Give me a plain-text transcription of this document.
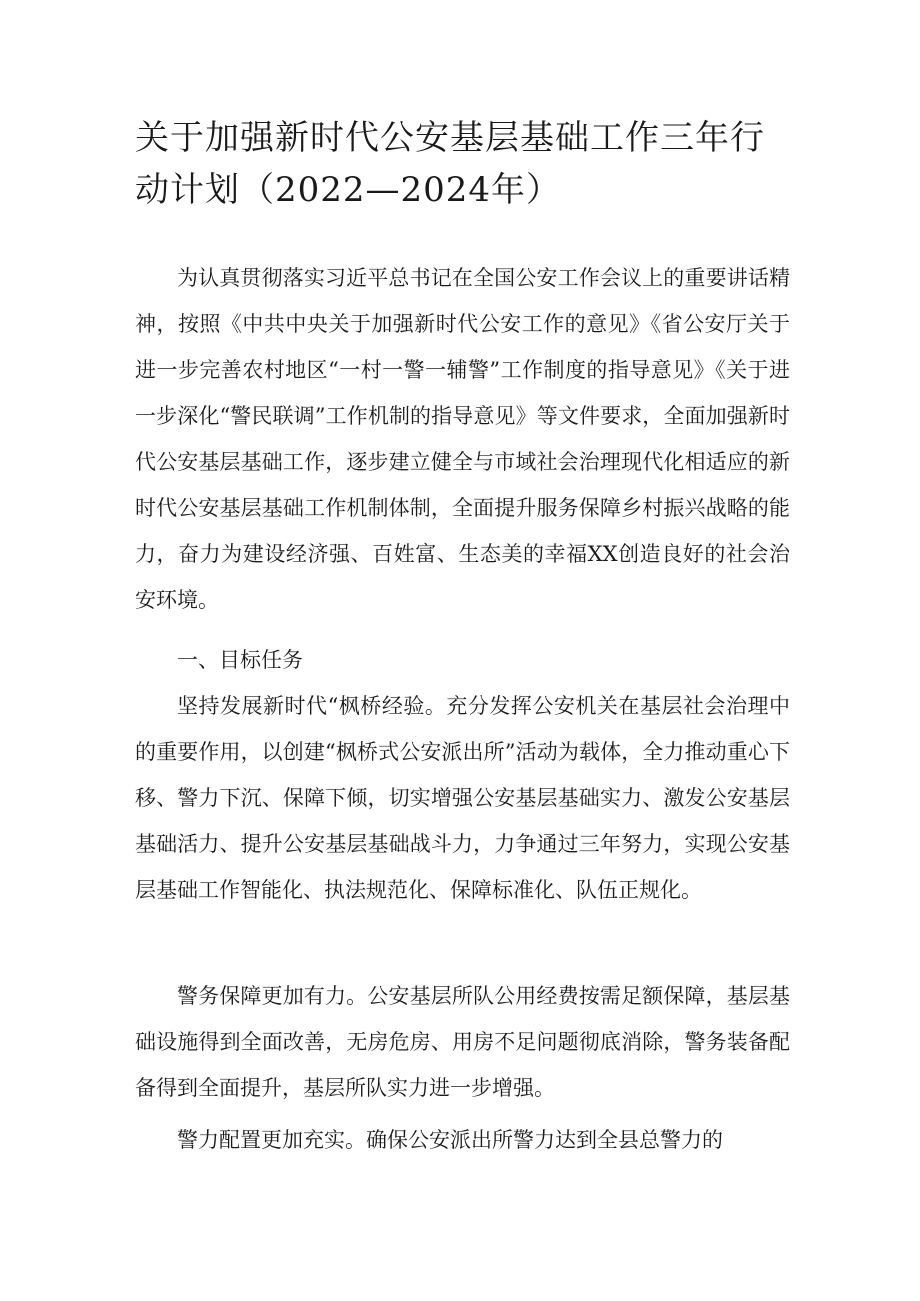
关于加强新时代公安基层基础工作三年行动计划（2022—2024年）

为认真贯彻落实习近平总书记在全国公安工作会议上的重要讲话精神，按照《中共中央关于加强新时代公安工作的意见》《省公安厅关于进一步完善农村地区“一村一警一辅警”工作制度的指导意见》《关于进一步深化“警民联调”工作机制的指导意见》等文件要求，全面加强新时代公安基层基础工作，逐步建立健全与市域社会治理现代化相适应的新时代公安基层基础工作机制体制，全面提升服务保障乡村振兴战略的能力，奋力为建设经济强、百姓富、生态美的幸福XX创造良好的社会治安环境。

一、目标任务

坚持发展新时代“枫桥经验。充分发挥公安机关在基层社会治理中的重要作用，以创建“枫桥式公安派出所”活动为载体，全力推动重心下移、警力下沉、保障下倾，切实增强公安基层基础实力、激发公安基层基础活力、提升公安基层基础战斗力，力争通过三年努力，实现公安基层基础工作智能化、执法规范化、保障标准化、队伍正规化。

警务保障更加有力。公安基层所队公用经费按需足额保障，基层基础设施得到全面改善，无房危房、用房不足问题彻底消除，警务装备配备得到全面提升，基层所队实力进一步增强。

警力配置更加充实。确保公安派出所警力达到全县总警力的
